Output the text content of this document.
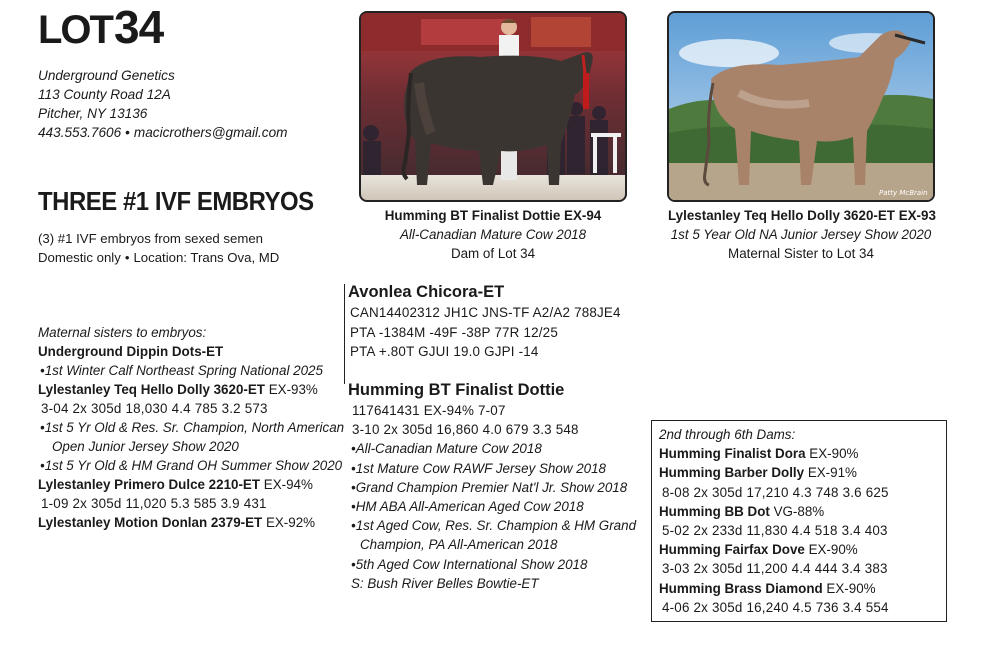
LOT34
Underground Genetics
113 County Road 12A
Pitcher, NY 13136
443.553.7606 • macicrothers@gmail.com
THREE #1 IVF EMBRYOS
(3) #1 IVF embryos from sexed semen
Domestic only • Location: Trans Ova, MD
Humming BT Finalist Dottie EX-94
All-Canadian Mature Cow 2018
Dam of Lot 34
Patty McBrain
Lylestanley Teq Hello Dolly 3620-ET EX-93
1st 5 Year Old NA Junior Jersey Show 2020
Maternal Sister to Lot 34
Maternal sisters to embryos:
Underground Dippin Dots-ET
•1st Winter Calf Northeast Spring National 2025
Lylestanley Teq Hello Dolly 3620-ET EX-93%
3-04 2x 305d 18,030 4.4 785 3.2 573
•1st 5 Yr Old & Res. Sr. Champion, North American
Open Junior Jersey Show 2020
•1st 5 Yr Old & HM Grand OH Summer Show 2020
Lylestanley Primero Dulce 2210-ET EX-94%
1-09 2x 305d 11,020 5.3 585 3.9 431
Lylestanley Motion Donlan 2379-ET EX-92%
Avonlea Chicora-ET
CAN14402312 JH1C JNS-TF A2/A2 788JE4
PTA -1384M -49F -38P 77R 12/25
PTA +.80T GJUI 19.0 GJPI -14
Humming BT Finalist Dottie
117641431 EX-94% 7-07
3-10 2x 305d 16,860 4.0 679 3.3 548
•All-Canadian Mature Cow 2018
•1st Mature Cow RAWF Jersey Show 2018
•Grand Champion Premier Nat'l Jr. Show 2018
•HM ABA All-American Aged Cow 2018
•1st Aged Cow, Res. Sr. Champion & HM Grand
Champion, PA All-American 2018
•5th Aged Cow International Show 2018
S: Bush River Belles Bowtie-ET
2nd through 6th Dams:
Humming Finalist Dora EX-90%
Humming Barber Dolly EX-91%
8-08 2x 305d 17,210 4.3 748 3.6 625
Humming BB Dot VG-88%
5-02 2x 233d 11,830 4.4 518 3.4 403
Humming Fairfax Dove EX-90%
3-03 2x 305d 11,200 4.4 444 3.4 383
Humming Brass Diamond EX-90%
4-06 2x 305d 16,240 4.5 736 3.4 554
